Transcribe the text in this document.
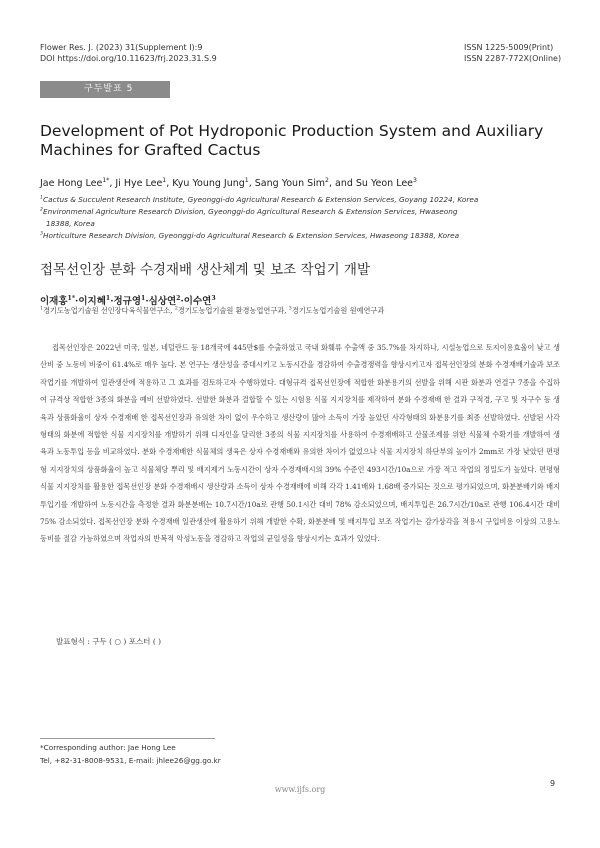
Flower Res. J. (2023) 31(Supplement I):9
DOI https://doi.org/10.11623/frj.2023.31.S.9
ISSN 1225-5009(Print)
ISSN 2287-772X(Online)
구두발표 5
Development of Pot Hydroponic Production System and Auxiliary
Machines for Grafted Cactus
Jae Hong Lee$^{1*}$, Ji Hye Lee$^1$, Kyu Young Jung$^1$, Sang Youn Sim$^2$, and Su Yeon Lee$^3$
$^1$Cactus & Succulent Research Institute, Gyeonggi-do Agricultural Research & Extension Services, Goyang 10224, Korea
$^2$Environmenal Agriculture Research Division, Gyeonggi-do Agricultural Research & Extension Services, Hwaseong
18388, Korea
$^3$Horticulture Research Division, Gyeonggi-do Agricultural Research & Extension Services, Hwaseong 18388, Korea
접목선인장 분화 수경재배 생산체계 및 보조 작업기 개발
이재홍$^{1*}$·이지혜$^1$·정규영$^1$·심상연$^2$·이수연$^3$
$^1$경기도농업기술원 선인장다육식물연구소, $^2$경기도농업기술원 환경농업연구과, $^3$경기도농업기술원 원예연구과
접목선인장은 2022년 미국, 일본, 네덜란드 등 18개국에 445만$를 수출하였고 국내 화훼류 수출액 중 35.7%를 차지하나, 시설농업으로 토지이용효율이 낮고 생산비 중 노동비 비중이 61.4%로 매우 높다. 본 연구는 생산성을 증대시키고 노동시간을 경감하여 수출경쟁력을 향상시키고자 접목선인장의 분화 수경재배기술과 보조 작업기를 개발하여 일관생산에 적용하고 그 효과를 검토하고자 수행하였다. 대형규격 접목선인장에 적합한 화분용기의 선발을 위해 시판 화분과 연결구 7종을 수집하여 규격상 적합한 3종의 화분을 예비 선발하였다. 선발한 화분과 결합할 수 있는 시험용 식물 지지장치를 제작하여 분화 수경재배 한 결과 구적경, 구고 및 자구수 등 생육과 상품화율이 상자 수경재배 한 접목선인장과 유의한 차이 없이 우수하고 생산량이 많아 소득이 가장 높았던 사각형태의 화분용기를 최종 선발하였다. 선발된 사각형태의 화분에 적합한 식물 지지장치를 개발하기 위해 디자인을 달리한 3종의 식물 지지장치를 사용하여 수경재배하고 산물조제를 위한 식물체 수확기를 개발하여 생육과 노동투입 등을 비교하였다. 분화 수경재배한 식물체의 생육은 상자 수경재배와 유의한 차이가 없었으나 식물 지지장치 하단부의 높이가 2mm로 가장 낮았던 편평형 지지장치의 상품화율이 높고 식물체당 뿌리 및 배지제거 노동시간이 상자 수경재배시의 39% 수준인 493시간/10a으로 가장 적고 작업의 정밀도가 높았다. 편평형 식물 지지장치를 활용한 접목선인장 분화 수경재배시 생산량과 소득이 상자 수경재배에 비해 각각 1.41배와 1.68배 증가되는 것으로 평가되었으며, 화분분배기와 배지투입기를 개발하여 노동시간을 측정한 결과 화분분배는 10.7시간/10a로 관행 50.1시간 대비 78% 감소되었으며, 배지투입은 26.7시간/10a로 관행 106.4시간 대비 75% 감소되었다. 접목선인장 분화 수경재배 일관생산에 활용하기 위해 개발한 수확, 화분분배 및 배지투입 보조 작업기는 감가상각을 적용시 구입비용 이상의 고용노동비를 절감 가능하였으며 작업자의 반복적 악성노동을 경감하고 작업의 균일성을 향상시키는 효과가 있었다.
발표형식 : 구두 ( ○ ) 포스터 ( )
*Corresponding author: Jae Hong Lee
Tel, +82-31-8008-9531, E-mail: jhlee26@gg.go.kr
www.ijfs.org
9
